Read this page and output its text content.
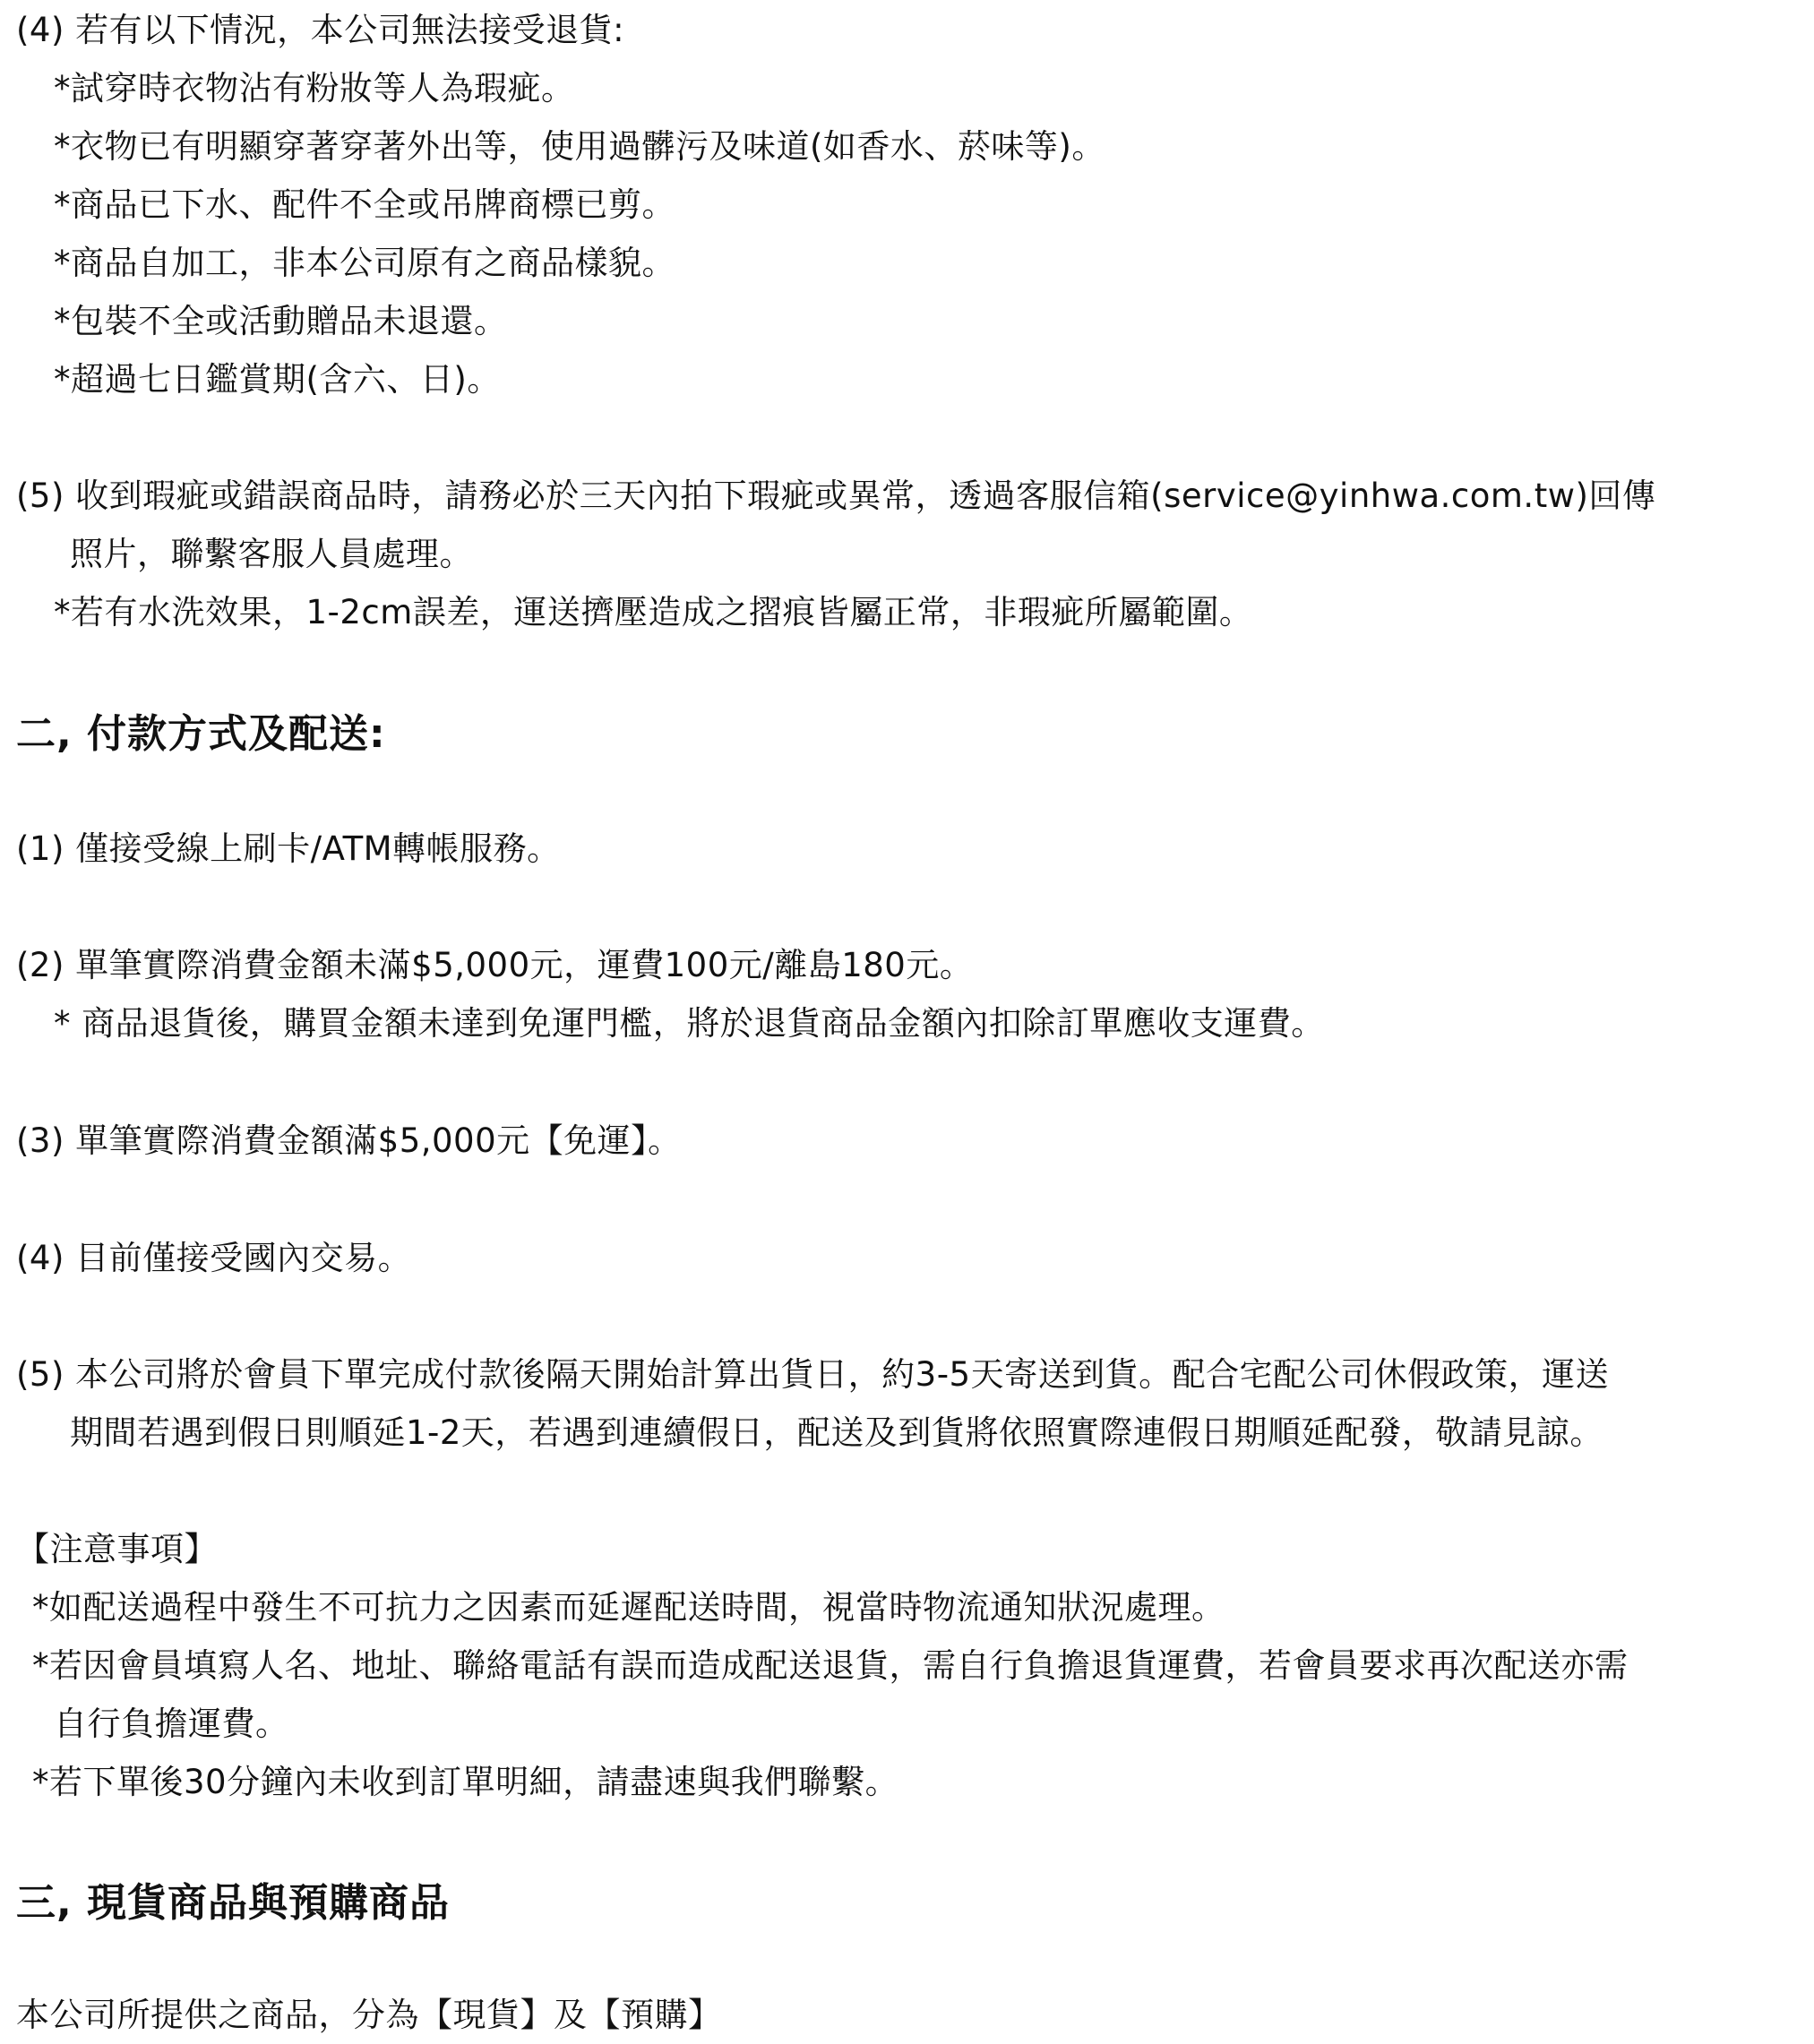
(4) 若有以下情況，本公司無法接受退貨:
*試穿時衣物沾有粉妝等人為瑕疵。
*衣物已有明顯穿著穿著外出等，使用過髒污及味道(如香水、菸味等)。
*商品已下水、配件不全或吊牌商標已剪。
*商品自加工，非本公司原有之商品樣貌。
*包裝不全或活動贈品未退還。
*超過七日鑑賞期(含六、日)。
(5) 收到瑕疵或錯誤商品時，請務必於三天內拍下瑕疵或異常，透過客服信箱(service@yinhwa.com.tw)回傳
照片，聯繫客服人員處理。
*若有水洗效果，1-2cm誤差，運送擠壓造成之摺痕皆屬正常，非瑕疵所屬範圍。
二, 付款方式及配送:
(1) 僅接受線上刷卡/ATM轉帳服務。
(2) 單筆實際消費金額未滿$5,000元，運費100元/離島180元。
* 商品退貨後，購買金額未達到免運門檻，將於退貨商品金額內扣除訂單應收支運費。
(3) 單筆實際消費金額滿$5,000元【免運】。
(4) 目前僅接受國內交易。
(5) 本公司將於會員下單完成付款後隔天開始計算出貨日，約3-5天寄送到貨。配合宅配公司休假政策，運送
期間若遇到假日則順延1-2天，若遇到連續假日，配送及到貨將依照實際連假日期順延配發，敬請見諒。
【注意事項】
*如配送過程中發生不可抗力之因素而延遲配送時間，視當時物流通知狀況處理。
*若因會員填寫人名、地址、聯絡電話有誤而造成配送退貨，需自行負擔退貨運費，若會員要求再次配送亦需
自行負擔運費。
*若下單後30分鐘內未收到訂單明細，請盡速與我們聯繫。
三, 現貨商品與預購商品
本公司所提供之商品，分為【現貨】及【預購】
